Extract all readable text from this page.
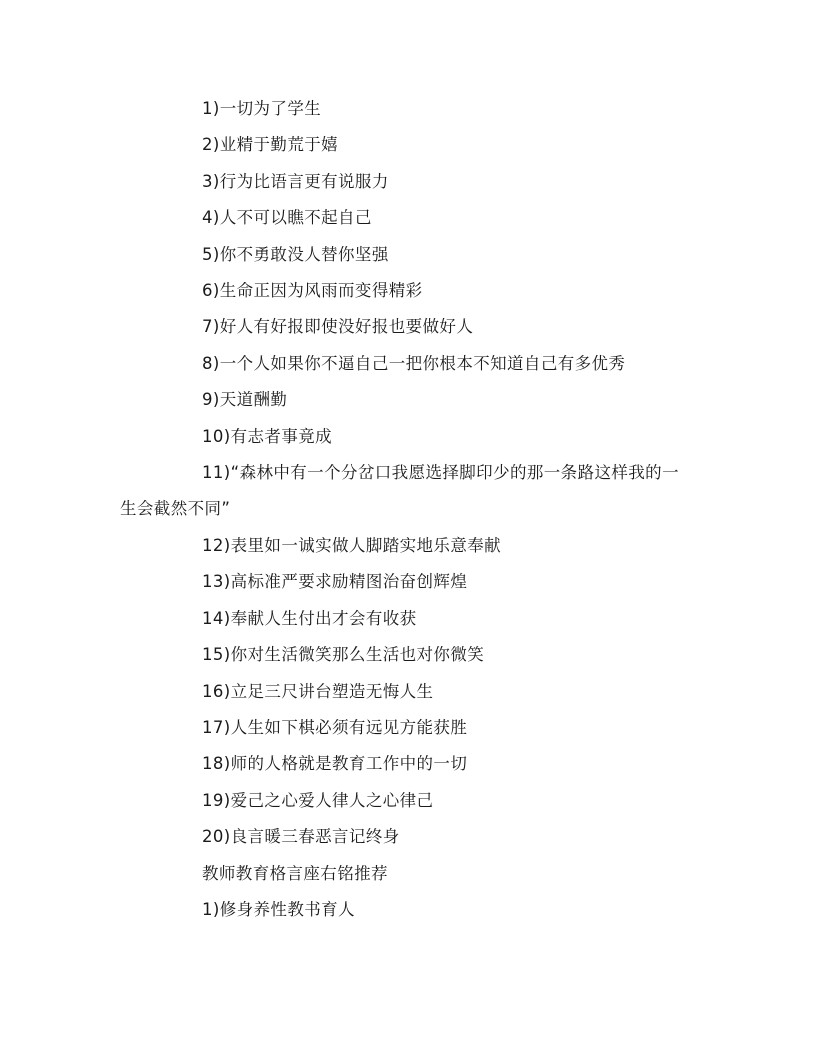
1)一切为了学生

2)业精于勤荒于嬉

3)行为比语言更有说服力

4)人不可以瞧不起自己

5)你不勇敢没人替你坚强

6)生命正因为风雨而变得精彩

7)好人有好报即使没好报也要做好人

8)一个人如果你不逼自己一把你根本不知道自己有多优秀

9)天道酬勤

10)有志者事竟成

11)“森林中有一个分岔口我愿选择脚印少的那一条路这样我的一生会截然不同”

12)表里如一诚实做人脚踏实地乐意奉献

13)高标准严要求励精图治奋创辉煌

14)奉献人生付出才会有收获

15)你对生活微笑那么生活也对你微笑

16)立足三尺讲台塑造无悔人生

17)人生如下棋必须有远见方能获胜

18)师的人格就是教育工作中的一切

19)爱己之心爱人律人之心律己

20)良言暖三春恶言记终身

教师教育格言座右铭推荐

1)修身养性教书育人
